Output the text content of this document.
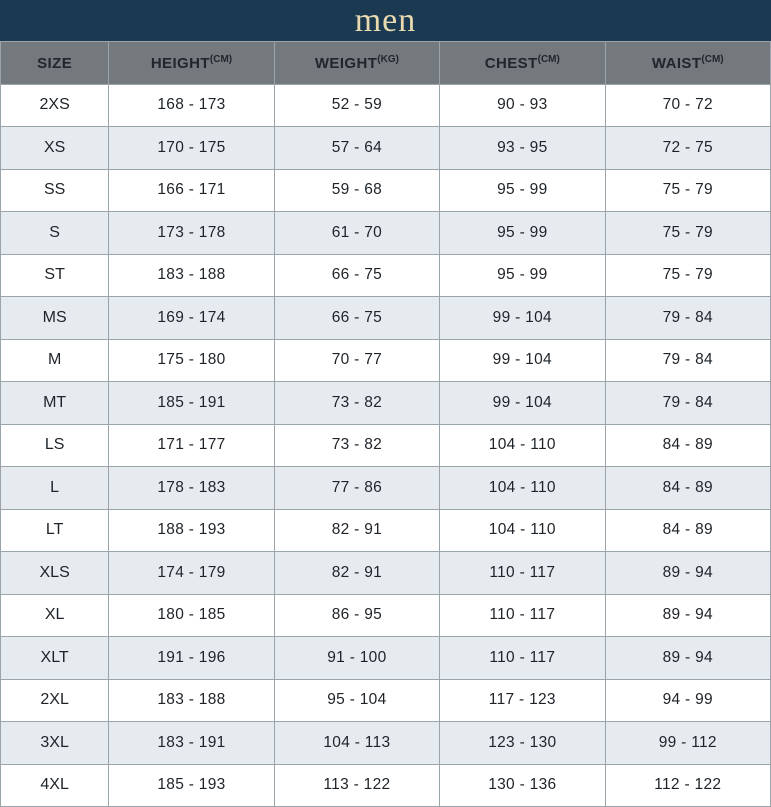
men
SIZE	$HEIGHT^{(CM)}$	$WEIGHT^{(KG)}$	$CHEST^{(CM)}$	$WAIST^{(CM)}$
2XS	168 - 173	52 - 59	90 - 93	70 - 72
XS	170 - 175	57 - 64	93 - 95	72 - 75
SS	166 - 171	59 - 68	95 - 99	75 - 79
S	173 - 178	61 - 70	95 - 99	75 - 79
ST	183 - 188	66 - 75	95 - 99	75 - 79
MS	169 - 174	66 - 75	99 - 104	79 - 84
M	175 - 180	70 - 77	99 - 104	79 - 84
MT	185 - 191	73 - 82	99 - 104	79 - 84
LS	171 - 177	73 - 82	104 - 110	84 - 89
L	178 - 183	77 - 86	104 - 110	84 - 89
LT	188 - 193	82 - 91	104 - 110	84 - 89
XLS	174 - 179	82 - 91	110 - 117	89 - 94
XL	180 - 185	86 - 95	110 - 117	89 - 94
XLT	191 - 196	91 - 100	110 - 117	89 - 94
2XL	183 - 188	95 - 104	117 - 123	94 - 99
3XL	183 - 191	104 - 113	123 - 130	99 - 112
4XL	185 - 193	113 - 122	130 - 136	112 - 122
